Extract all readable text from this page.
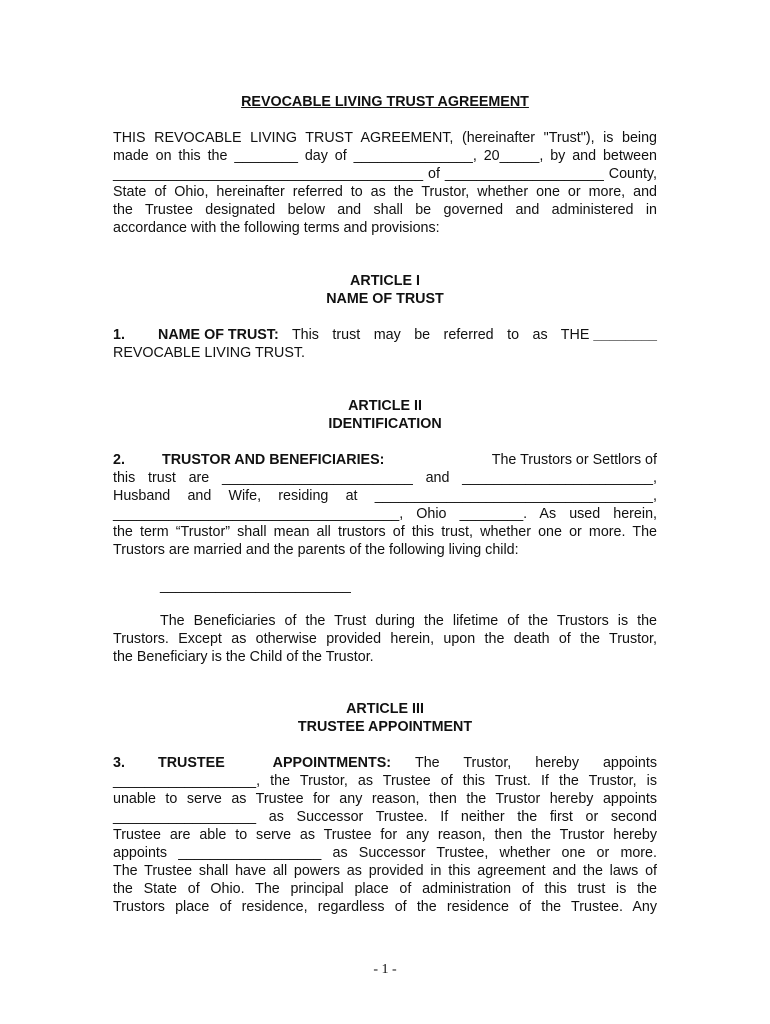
REVOCABLE LIVING TRUST AGREEMENT
THIS REVOCABLE LIVING TRUST AGREEMENT, (hereinafter "Trust"), is being
made on this the ________ day of _______________, 20_____, by and between
_______________________________________ of ____________________ County,
State of Ohio, hereinafter referred to as the Trustor, whether one or more, and
the Trustee designated below and shall be governed and administered in
accordance with the following terms and provisions:
ARTICLE I
NAME OF TRUST
1.	NAME OF TRUST: This trust may be referred to as THE ________
REVOCABLE LIVING TRUST.
ARTICLE II
IDENTIFICATION
2.	TRUSTOR AND BENEFICIARIES:	The Trustors or Settlors of
this trust are ________________________ and ________________________,
Husband and Wife, residing at ___________________________________,
____________________________________, Ohio ________. As used herein,
the term “Trustor” shall mean all trustors of this trust, whether one or more. The
Trustors are married and the parents of the following living child:
________________________
The Beneficiaries of the Trust during the lifetime of the Trustors is the
Trustors. Except as otherwise provided herein, upon the death of the Trustor,
the Beneficiary is the Child of the Trustor.
ARTICLE III
TRUSTEE APPOINTMENT
3.	TRUSTEE APPOINTMENTS:	The Trustor, hereby appoints
__________________, the Trustor, as Trustee of this Trust. If the Trustor, is
unable to serve as Trustee for any reason, then the Trustor hereby appoints
__________________ as Successor Trustee. If neither the first or second
Trustee are able to serve as Trustee for any reason, then the Trustor hereby
appoints __________________ as Successor Trustee, whether one or more.
The Trustee shall have all powers as provided in this agreement and the laws of
the State of Ohio. The principal place of administration of this trust is the
Trustors place of residence, regardless of the residence of the Trustee. Any
- 1 -
